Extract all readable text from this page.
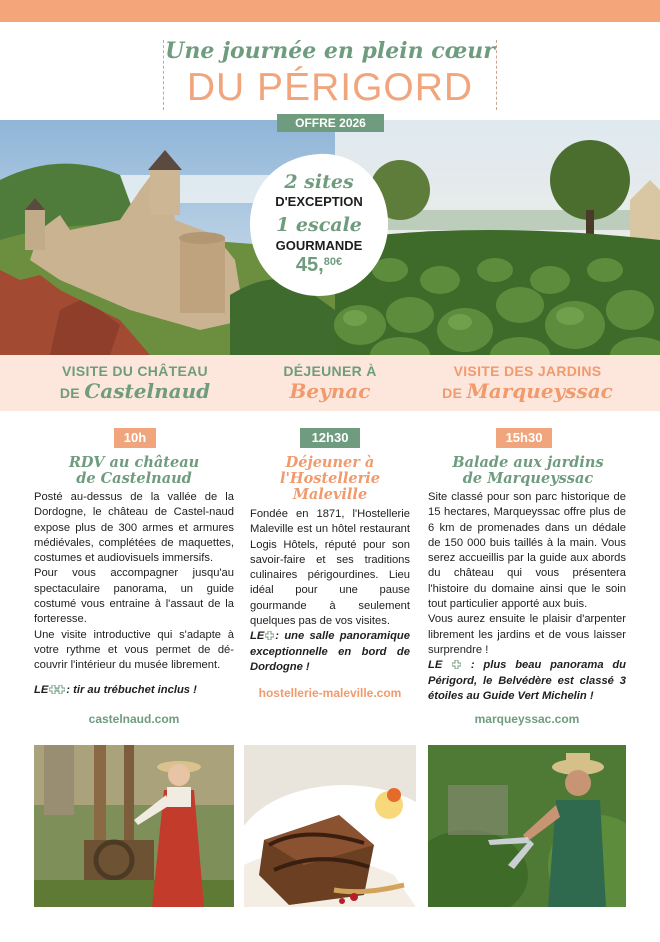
Une journée en plein cœur
DU PÉRIGORD
OFFRE 2026
2 sites
D'EXCEPTION
1 escale
GOURMANDE
45,$^{80€}$
VISITE DU CHÂTEAU
DE Castelnaud
DÉJEUNER À
Beynac
VISITE DES JARDINS
DE Marqueyssac
10h
RDV au château
de Castelnaud

Posté au-dessus de la vallée de la Dordogne, le château de Castel-naud expose plus de 300 armes et armures médiévales, complétées de maquettes, costumes et audiovisuels immersifs.

Pour vous accompagner jusqu'au spectaculaire panorama, un guide costumé vous entraine à l'assaut de la forteresse.

Une visite introductive qui s'adapte à votre rythme et vous permet de dé-couvrir l'intérieur du musée librement.

LE : tir au trébuchet inclus !

castelnaud.com
12h30
Déjeuner à
l'Hostellerie
Maleville

Fondée en 1871, l'Hostellerie Maleville est un hôtel restaurant Logis Hôtels, réputé pour son savoir-faire et ses traditions culinaires périgourdines. Lieu idéal pour une pause gourmande à seulement quelques pas de vos visites.

LE : une salle panoramique exceptionnelle en bord de Dordogne !

hostellerie-maleville.com
15h30
Balade aux jardins
de Marqueyssac

Site classé pour son parc historique de 15 hectares, Marqueyssac offre plus de 6 km de promenades dans un dédale de 150 000 buis taillés à la main. Vous serez accueillis par la guide aux abords du château qui vous présentera l'histoire du domaine ainsi que le soin tout particulier apporté aux buis.

Vous aurez ensuite le plaisir d'arpenter librement les jardins et de vous laisser surprendre !

LE	: plus beau panorama du Périgord, le Belvédère est classé 3 étoiles au Guide Vert Michelin !

marqueyssac.com
